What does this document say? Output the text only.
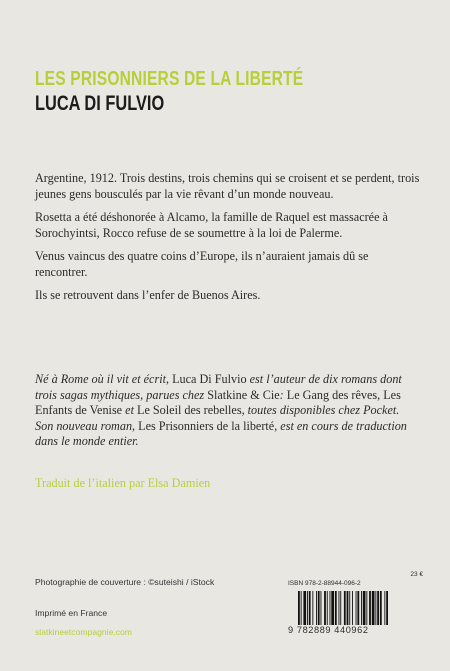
LES PRISONNIERS DE LA LIBERTÉ
LUCA DI FULVIO

Argentine, 1912. Trois destins, trois chemins qui se croisent et se perdent, trois jeunes gens bousculés par la vie rêvant d’un monde nouveau.

Rosetta a été déshonorée à Alcamo, la famille de Raquel est massacrée à Sorochyintsi, Rocco refuse de se soumettre à la loi de Palerme.

Venus vaincus des quatre coins d’Europe, ils n’auraient jamais dû se rencontrer.

Ils se retrouvent dans l’enfer de Buenos Aires.

Né à Rome où il vit et écrit, Luca Di Fulvio est l’auteur de dix romans dont trois sagas mythiques, parues chez Slatkine & Cie: Le Gang des rêves, Les Enfants de Venise et Le Soleil des rebelles, toutes disponibles chez Pocket. Son nouveau roman, Les Prisonniers de la liberté, est en cours de traduction dans le monde entier.
Traduit de l’italien par Elsa Damien
Photographie de couverture : ©suteishi / iStock
Imprimé en France
slatkineetcompagnie.com
23 €
ISBN 978-2-88944-096-2
9 782889 440962
